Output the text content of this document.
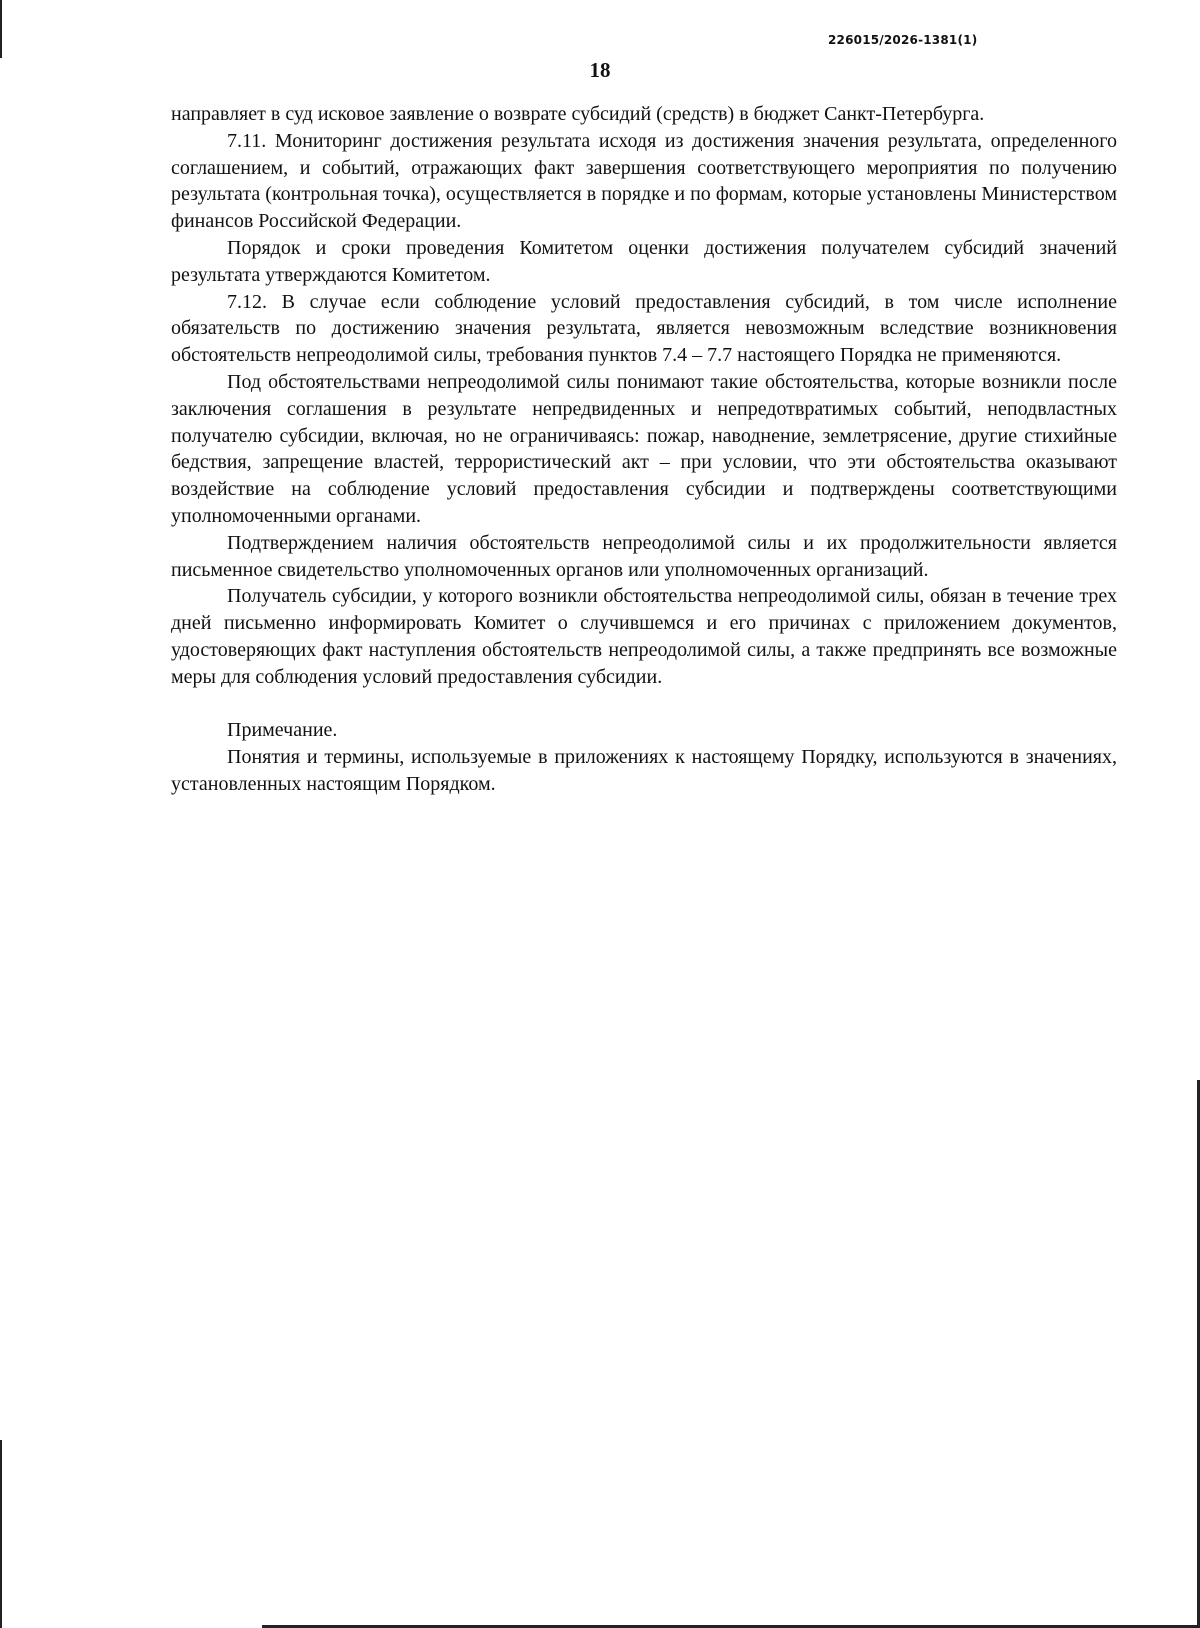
226015/2026-1381(1)
18

направляет в суд исковое заявление о возврате субсидий (средств) в бюджет Санкт-Петербурга.

7.11. Мониторинг достижения результата исходя из достижения значения результата, определенного соглашением, и событий, отражающих факт завершения соответствующего мероприятия по получению результата (контрольная точка), осуществляется в порядке и по формам, которые установлены Министерством финансов Российской Федерации.

Порядок и сроки проведения Комитетом оценки достижения получателем субсидий значений результата утверждаются Комитетом.

7.12. В случае если соблюдение условий предоставления субсидий, в том числе исполнение обязательств по достижению значения результата, является невозможным вследствие возникновения обстоятельств непреодолимой силы, требования пунктов 7.4 – 7.7 настоящего Порядка не применяются.

Под обстоятельствами непреодолимой силы понимают такие обстоятельства, которые возникли после заключения соглашения в результате непредвиденных и непредотвратимых событий, неподвластных получателю субсидии, включая, но не ограничиваясь: пожар, наводнение, землетрясение, другие стихийные бедствия, запрещение властей, террористический акт – при условии, что эти обстоятельства оказывают воздействие на соблюдение условий предоставления субсидии и подтверждены соответствующими уполномоченными органами.

Подтверждением наличия обстоятельств непреодолимой силы и их продолжительности является письменное свидетельство уполномоченных органов или уполномоченных организаций.

Получатель субсидии, у которого возникли обстоятельства непреодолимой силы, обязан в течение трех дней письменно информировать Комитет о случившемся и его причинах с приложением документов, удостоверяющих факт наступления обстоятельств непреодолимой силы, а также предпринять все возможные меры для соблюдения условий предоставления субсидии.

Примечание.

Понятия и термины, используемые в приложениях к настоящему Порядку, используются в значениях, установленных настоящим Порядком.
